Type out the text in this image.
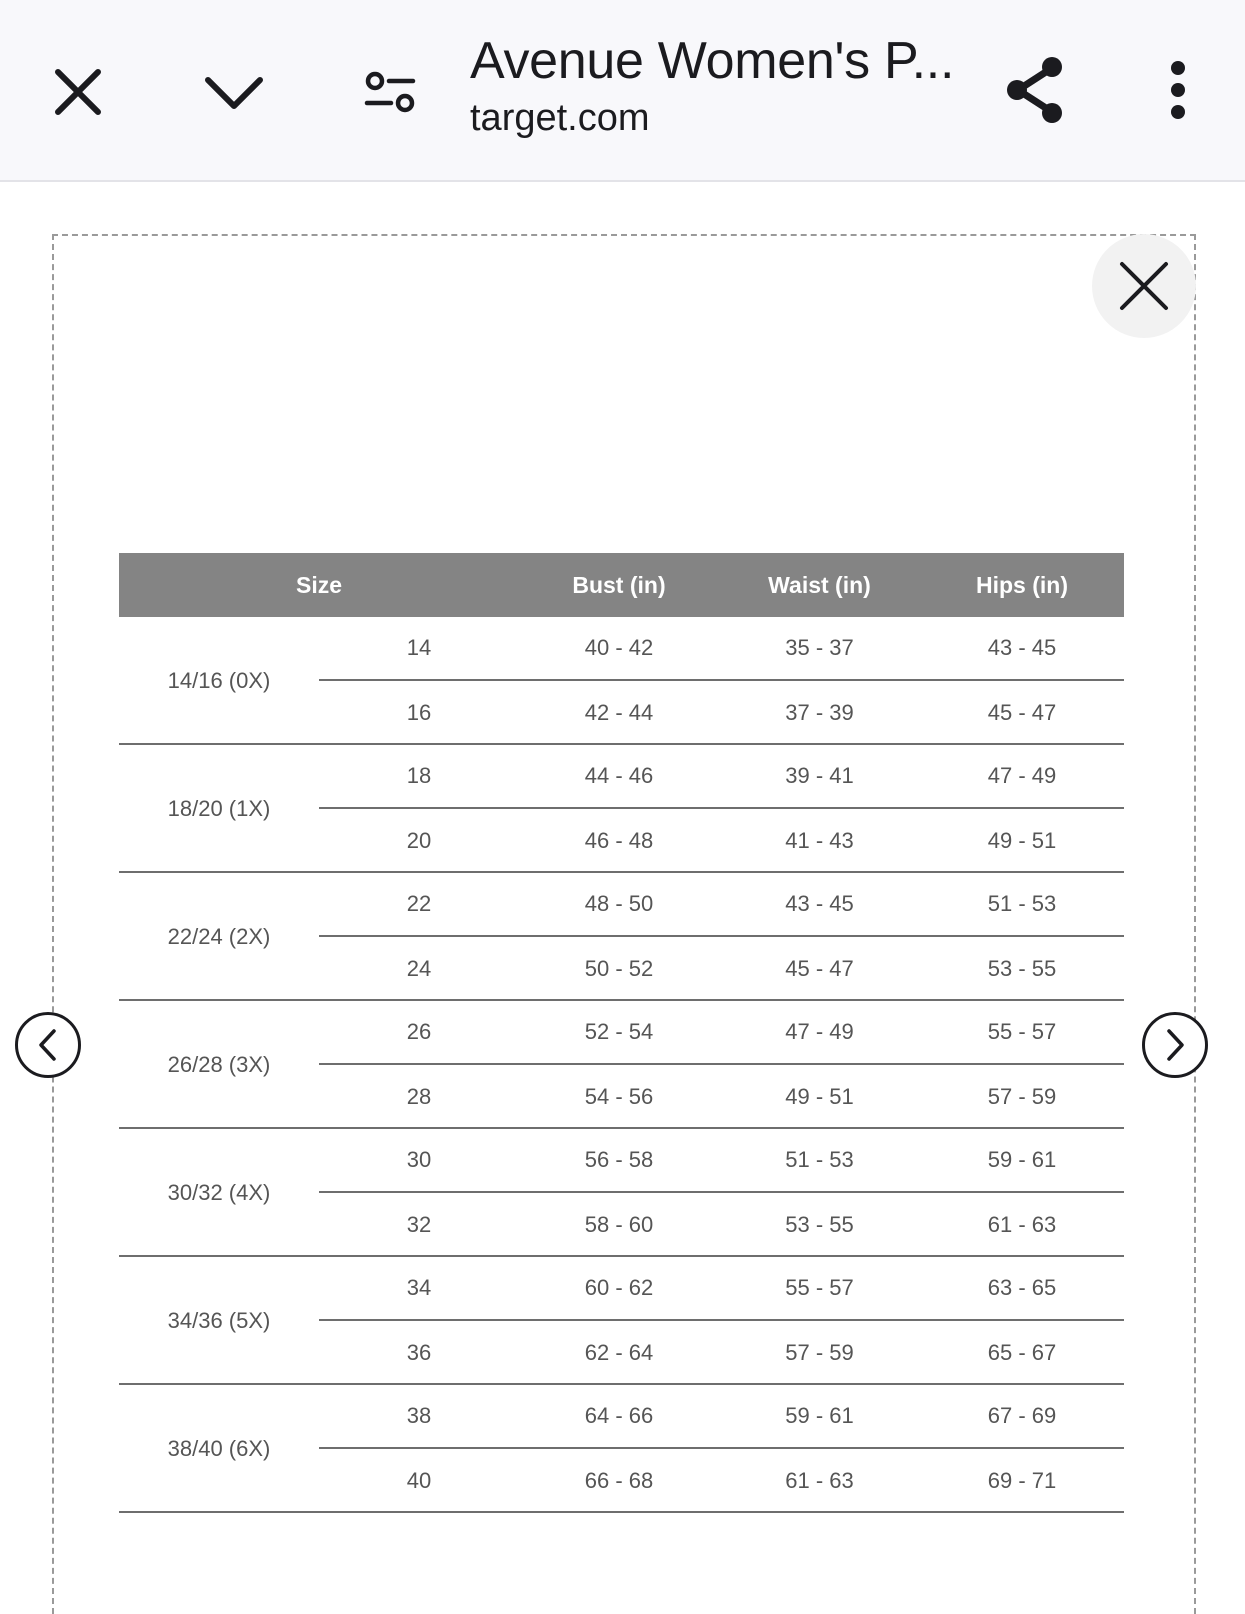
Avenue Women's P...
target.com
Size	Bust (in)	Waist (in)	Hips (in)
14/16 (0X)
14	40 - 42	35 - 37	43 - 45
16	42 - 44	37 - 39	45 - 47
18/20 (1X)
18	44 - 46	39 - 41	47 - 49
20	46 - 48	41 - 43	49 - 51
22/24 (2X)
22	48 - 50	43 - 45	51 - 53
24	50 - 52	45 - 47	53 - 55
26/28 (3X)
26	52 - 54	47 - 49	55 - 57
28	54 - 56	49 - 51	57 - 59
30/32 (4X)
30	56 - 58	51 - 53	59 - 61
32	58 - 60	53 - 55	61 - 63
34/36 (5X)
34	60 - 62	55 - 57	63 - 65
36	62 - 64	57 - 59	65 - 67
38/40 (6X)
38	64 - 66	59 - 61	67 - 69
40	66 - 68	61 - 63	69 - 71
